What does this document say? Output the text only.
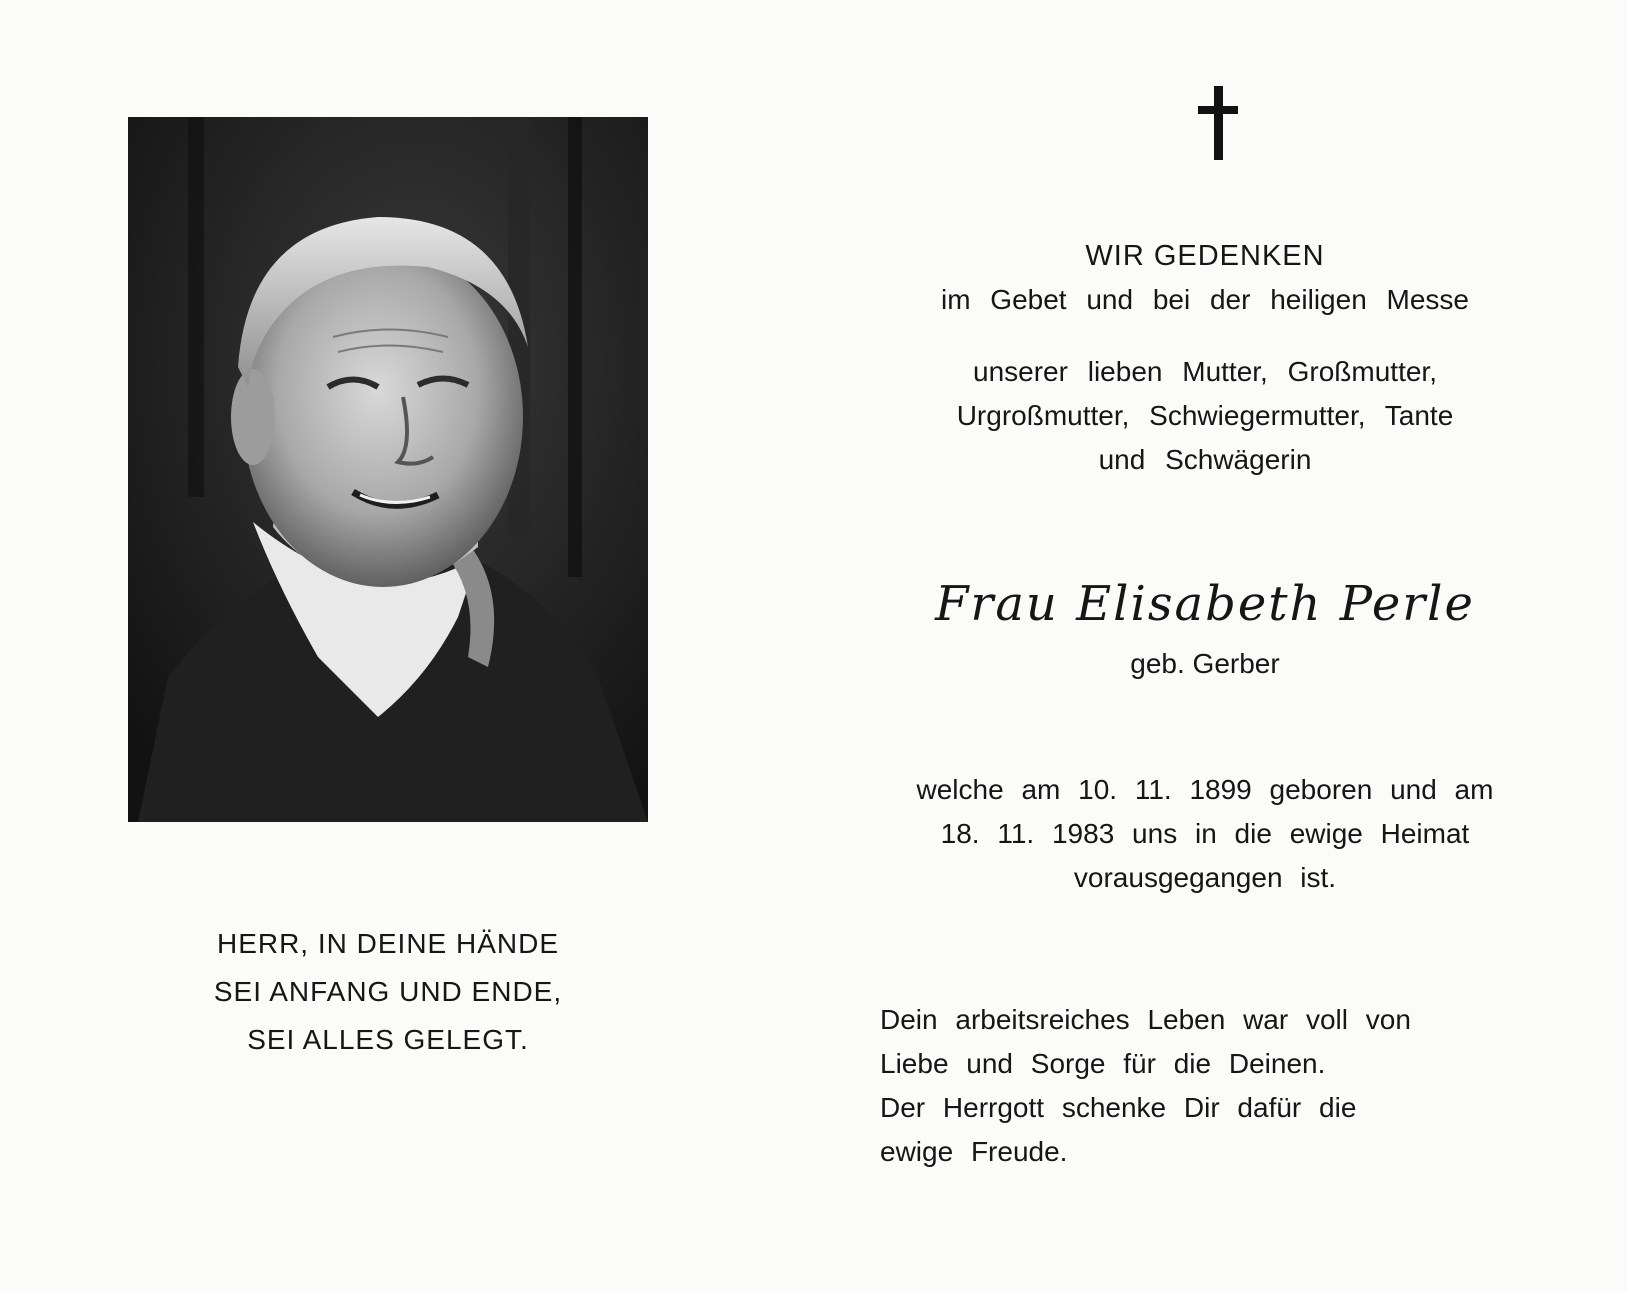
HERR, IN DEINE HÄNDE
SEI ANFANG UND ENDE,
SEI ALLES GELEGT.
WIR GEDENKEN
im Gebet und bei der heiligen Messe
unserer lieben Mutter, Großmutter,
Urgroßmutter, Schwiegermutter, Tante
und Schwägerin
Frau Elisabeth Perle
geb. Gerber
welche am 10. 11. 1899 geboren und am
18. 11. 1983 uns in die ewige Heimat
vorausgegangen ist.
Dein arbeitsreiches Leben war voll von
Liebe und Sorge für die Deinen.
Der Herrgott schenke Dir dafür die
ewige Freude.
